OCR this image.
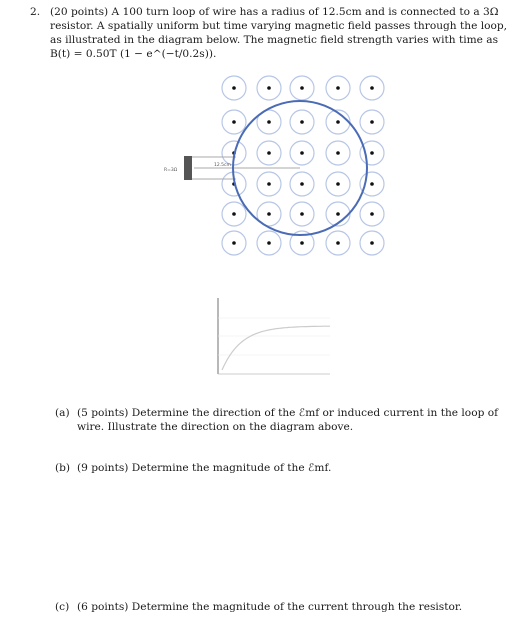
2. (20 points) A 100 turn loop of wire has a radius of 12.5cm and is connected to a 3Ω
resistor. A spatially uniform but time varying magnetic field passes through the loop,
as illustrated in the diagram below. The magnetic field strength varies with time as
B(t) = 0.50T (1 − e^(−t/0.2s)).
R=3Ω
12.5cm
(a) (5 points) Determine the direction of the ℰmf or induced current in the loop of
wire. Illustrate the direction on the diagram above.
(b) (9 points) Determine the magnitude of the ℰmf.
(c) (6 points) Determine the magnitude of the current through the resistor.
